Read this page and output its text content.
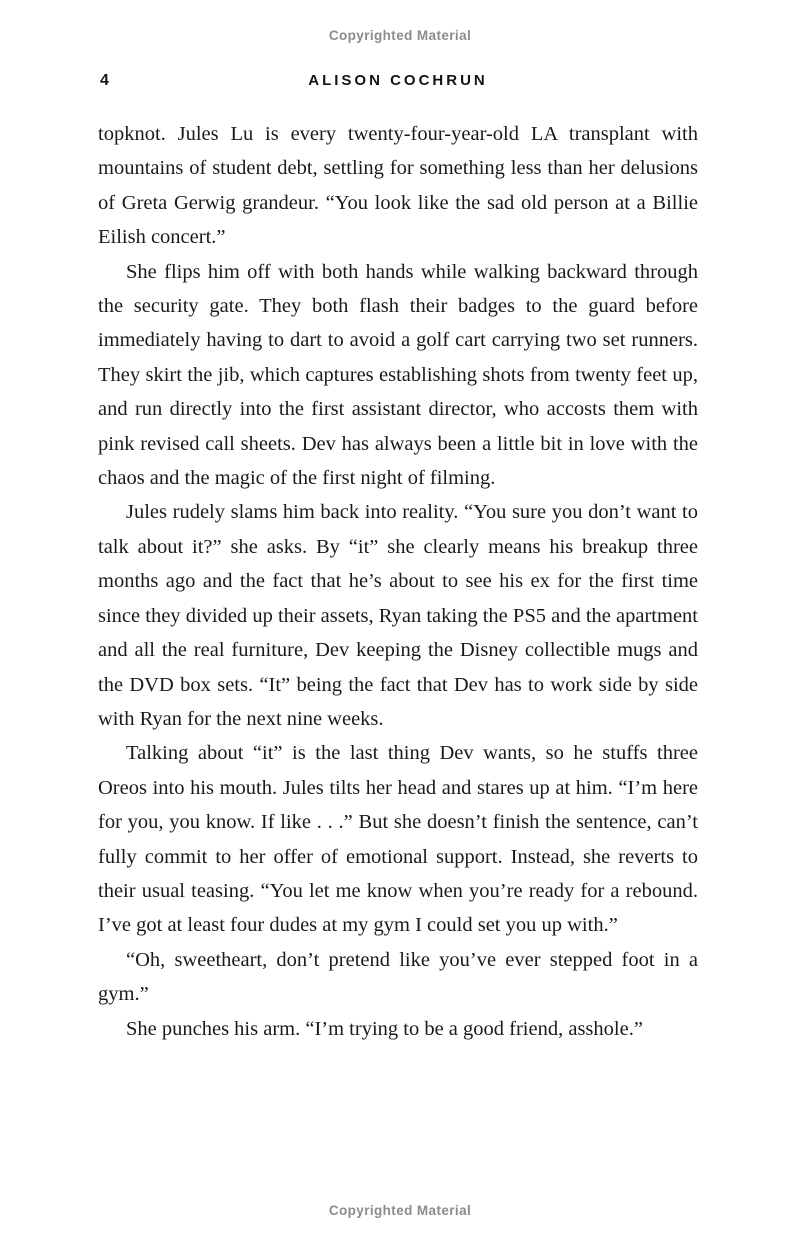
Copyrighted Material
4	ALISON COCHRUN

topknot. Jules Lu is every twenty-four-year-old LA transplant with mountains of student debt, settling for something less than her delusions of Greta Gerwig grandeur. “You look like the sad old person at a Billie Eilish concert.”

She flips him off with both hands while walking backward through the security gate. They both flash their badges to the guard before immediately having to dart to avoid a golf cart carrying two set runners. They skirt the jib, which captures establishing shots from twenty feet up, and run directly into the first assistant director, who accosts them with pink revised call sheets. Dev has always been a little bit in love with the chaos and the magic of the first night of filming.

Jules rudely slams him back into reality. “You sure you don’t want to talk about it?” she asks. By “it” she clearly means his breakup three months ago and the fact that he’s about to see his ex for the first time since they divided up their assets, Ryan taking the PS5 and the apartment and all the real furniture, Dev keeping the Disney collectible mugs and the DVD box sets. “It” being the fact that Dev has to work side by side with Ryan for the next nine weeks.

Talking about “it” is the last thing Dev wants, so he stuffs three Oreos into his mouth. Jules tilts her head and stares up at him. “I’m here for you, you know. If like . . .” But she doesn’t finish the sentence, can’t fully commit to her offer of emotional support. Instead, she reverts to their usual teasing. “You let me know when you’re ready for a rebound. I’ve got at least four dudes at my gym I could set you up with.”

“Oh, sweetheart, don’t pretend like you’ve ever stepped foot in a gym.”

She punches his arm. “I’m trying to be a good friend, asshole.”

Copyrighted Material
